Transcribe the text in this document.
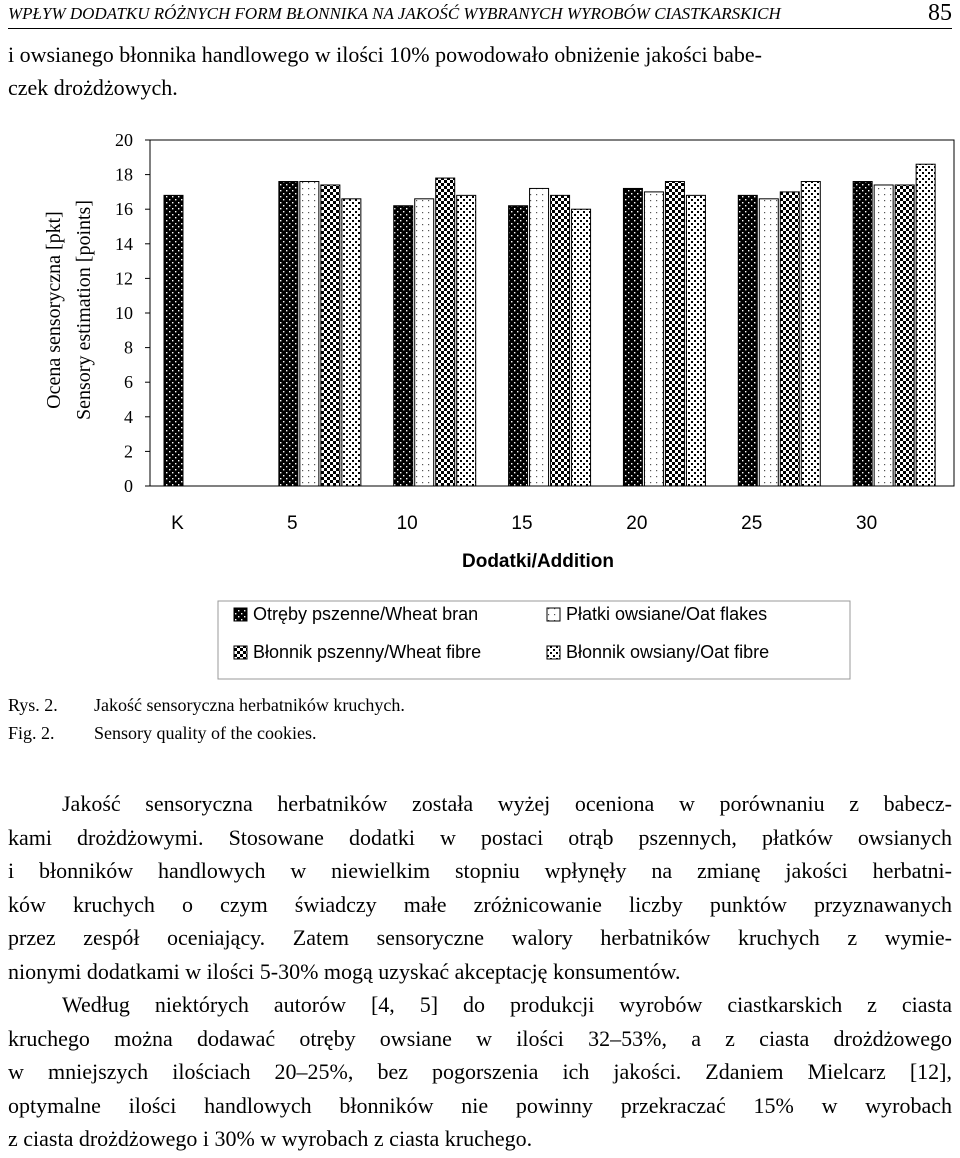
WPŁYW DODATKU RÓŻNYCH FORM BŁONNIKA NA JAKOŚĆ WYBRANYCH WYROBÓW CIASTKARSKICH	85
i owsianego błonnika handlowego w ilości 10% powodowało obniżenie jakości babe-
czek drożdżowych.
Ocena sensoryczna [pkt] Sensory estimation [points]
20
18
16
14
12
10
8
6
4
2
0
K	5	10	15	20	25	30
Dodatki/Addition
Otręby pszenne/Wheat bran	Płatki owsiane/Oat flakes
Błonnik pszenny/Wheat fibre	Błonnik owsiany/Oat fibre
Rys. 2.
Fig. 2.
Jakość sensoryczna herbatników kruchych.
Sensory quality of the cookies.
Jakość sensoryczna herbatników została wyżej oceniona w porównaniu z babecz-
kami drożdżowymi. Stosowane dodatki w postaci otrąb pszennych, płatków owsianych
i błonników handlowych w niewielkim stopniu wpłynęły na zmianę jakości herbatni-
ków kruchych o czym świadczy małe zróżnicowanie liczby punktów przyznawanych
przez zespół oceniający. Zatem sensoryczne walory herbatników kruchych z wymie-
nionymi dodatkami w ilości 5-30% mogą uzyskać akceptację konsumentów.
Według niektórych autorów [4, 5] do produkcji wyrobów ciastkarskich z ciasta
kruchego można dodawać otręby owsiane w ilości 32–53%, a z ciasta drożdżowego
w mniejszych ilościach 20–25%, bez pogorszenia ich jakości. Zdaniem Mielcarz [12],
optymalne ilości handlowych błonników nie powinny przekraczać 15% w wyrobach
z ciasta drożdżowego i 30% w wyrobach z ciasta kruchego.
